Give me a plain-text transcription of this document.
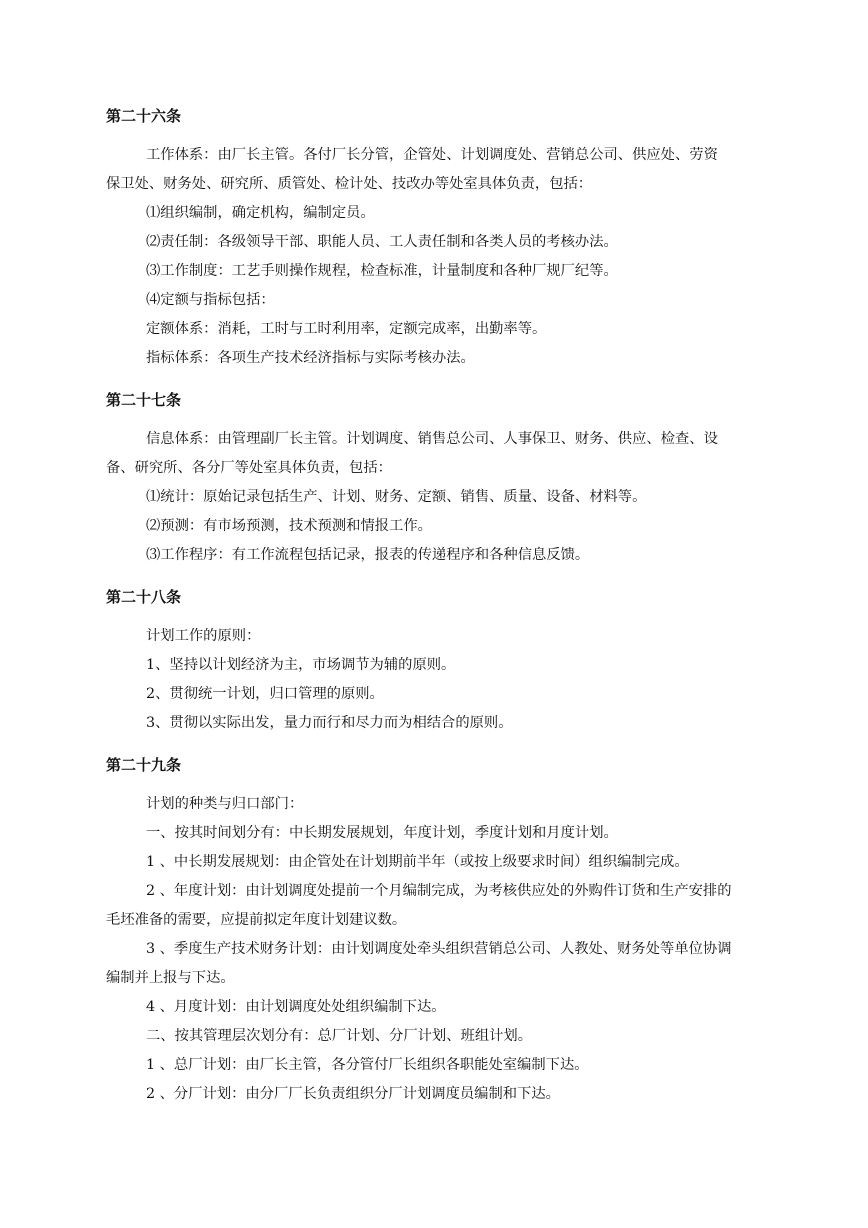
第二十六条

工作体系：由厂长主管。各付厂长分管，企管处、计划调度处、营销总公司、供应处、劳资

保卫处、财务处、研究所、质管处、检计处、技改办等处室具体负责，包括：

⑴组织编制，确定机构，编制定员。

⑵责任制：各级领导干部、职能人员、工人责任制和各类人员的考核办法。

⑶工作制度：工艺手则操作规程，检查标准，计量制度和各种厂规厂纪等。

⑷定额与指标包括：

定额体系：消耗，工时与工时利用率，定额完成率，出勤率等。

指标体系：各项生产技术经济指标与实际考核办法。

第二十七条

信息体系：由管理副厂长主管。计划调度、销售总公司、人事保卫、财务、供应、检查、设

备、研究所、各分厂等处室具体负责，包括：

⑴统计：原始记录包括生产、计划、财务、定额、销售、质量、设备、材料等。

⑵预测：有市场预测，技术预测和情报工作。

⑶工作程序：有工作流程包括记录，报表的传递程序和各种信息反馈。

第二十八条

计划工作的原则：

1、坚持以计划经济为主，市场调节为辅的原则。

2、贯彻统一计划，归口管理的原则。

3、贯彻以实际出发，量力而行和尽力而为相结合的原则。

第二十九条

计划的种类与归口部门：

一、按其时间划分有：中长期发展规划，年度计划，季度计划和月度计划。

1 、中长期发展规划：由企管处在计划期前半年（或按上级要求时间）组织编制完成。

2 、年度计划：由计划调度处提前一个月编制完成，为考核供应处的外购件订货和生产安排的

毛坯准备的需要，应提前拟定年度计划建议数。

3 、季度生产技术财务计划：由计划调度处牵头组织营销总公司、人教处、财务处等单位协调

编制并上报与下达。

4 、月度计划：由计划调度处处组织编制下达。

二、按其管理层次划分有：总厂计划、分厂计划、班组计划。

1 、总厂计划：由厂长主管，各分管付厂长组织各职能处室编制下达。

2 、分厂计划：由分厂厂长负责组织分厂计划调度员编制和下达。
